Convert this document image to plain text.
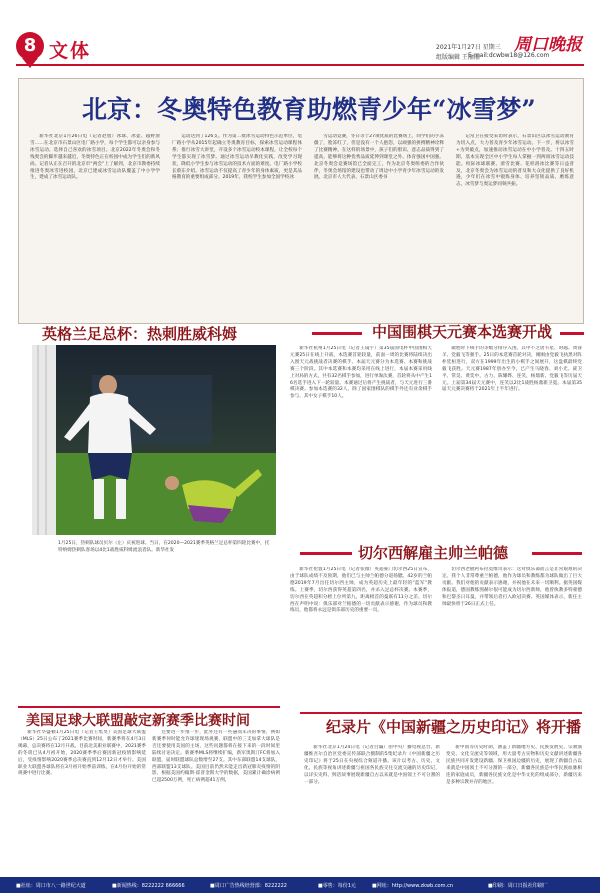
8 文体	2021年1月27日 星期三
组版编辑 王丽丽
E-mail:dcwbw18@126.com
周口晚报
北京：冬奥特色教育助燃青少年“冰雪梦”

新华社北京1月26日电（记者赵旭）冰球、冰壶、越野滑雪……在北京市石景山区电厂路小学，每个学生都可以亲身参与冰雪运动。选择自己喜欢的冰雪项目。北京2022年冬奥会和冬残奥会的脚步越来越近，冬奥特色正在校园中成为学生们的新风尚。记者从正在召开的北京市“两会”上了解到，北京市教委持续推进冬奥冰雪进校园，北京已建成冰雪运动队覆盖了中小学学生，建成了冰雪运动队。

运动达到了126支。作为第二批冰雪运动特色示范单位，电厂路小学从2015年起确立冬奥教育目标，探索冰雪运动课程体系；推行冰雪大讲堂，开设多个冰雪运动校本课程，让全校每个学生都实现了冰雪梦。通过冰雪运动早教化实践，改变学习现状，降低小学生参与冰雪运动的技术方面的难度。电厂路小学校长蔡东介绍。冰雪运动不仅提高了青少年的身体素质，更是其品格教育的重要组成部分。2019年，我校学生参加全国学校冰

雪运动竞赛，冬日等于27项优质的比赛场上，同学们的手冻僵了，脸冻红了，但是没有一个人抱怨，以顽强的拼搏精神诠释了比赛精神。在这样的场景中，孩子们的胆识、意志品质得到了提高，能够将这种优秀品质延伸到课堂之外。体育强国中国强。北京冬奥会竞赛场馆已全面完工，作为北京冬奥组委的合作伙伴，冬奥会场馆的建设也带动了周边中小学青少年冰雪运动的发展。北京市人大代表、石景山区委书

记常卫在接受采访时表示，石景山区以冰雪运动教育为切入点，大力普及青少年冰雪运动。下一步，将以冰雪+为突破点，加速推动冰雪运动在中小学普及。十四五时期，基本实现全区中小学生每人掌握一到两项冰雪运动技能。校际冰球联赛、滑雪比赛、花样滑冰比赛等日益普及，北京冬奥会为冰雪运动的普及和大众化提供了良好机遇，少年们在冰雪中锻炼身体、培养坚韧品质、磨炼意志，冰雪梦与奥运梦同频共振。

英格兰足总杯：热刺胜威科姆
1月25日，热刺队球员贝尔（左）庆祝进球。当日，在2020—2021赛季英格兰足总杯第四轮比赛中，托特纳姆热刺队客场以4比1战胜威科姆流浪者队。新华社发
中国围棋天元赛本选赛开战

新华社杭州1月25日电（记者王镜宇）第35届国电杯中国围棋天元赛25日在线上开战，本选赛首轮较量，前面一周的比赛将陆续决出入围天元战挑战者决赛的棋手。本届天元赛分为本选赛、本赛和挑战赛三个阶段。其中本选赛和本赛均采用在线上进行，本届本赛采用线上对局的方式，共有32名棋手参加，进行单淘汰赛，首轮将从中产生16名选手进入下一轮较量。本赛通过后将产生挑战者，与天元进行三番棋决赛。参加本选赛的32人，除了国家围棋队的棋手外还有业余棋手参与，其中女子棋手10人。

做胜时下棋手的等级分排序入围，其中不乏唐韦星、时越、周睿羊、党毅飞等强手。25日的本选赛首轮对决，刚刚由党毅飞执黑对阵朴廷桓进行，双方在1999年出生的小棋手之间展开，这盘棋最终党毅飞获胜。天元赛1987年创办至今，已产生马晓春、刘小光、聂卫平、常昊、黄奕中、古力、陈耀烨、连笑、杨鼎新、党毅飞等历届天元。上届第34届天元赛中，连笑以2比1战胜杨鼎新卫冕。本届第35届天元赛决赛将于2021年上半年进行。

切尔西解雇主帅兰帕德

新华社伦敦1月25日电（记者张薇）英超豪门切尔西25日宣布，由于球队成绩不及预期，他们已与主帅兰帕德分道扬镳。42岁的兰帕德2019年7月出任切尔西主帅，成为英超历史上最年轻的“蓝军”教练。上赛季，切尔西获得英超第四名，并杀入足总杯决赛。本赛季，切尔西在英超积分榜上位列第九，距离榜首的曼联有11分之差。切尔西在声明中说：俱乐部对兰帕德的一切贡献表示感谢，作为球员和教练员，他都将永远是俱乐部历史的重要一员。

切尔西老板阿布拉莫维奇表示：这对俱乐部而言是非常艰难的决定。我个人非常尊重兰帕德，他作为球员和教练都为球队做出了巨大贡献。我们对他的贡献表示感谢，并祝他在未来一切顺利。据英国媒体报道，德国教练图赫尔很可能成为切尔西新帅，他曾执教多特蒙德和巴黎圣日耳曼，并带领后者打入欧冠决赛。英国媒体表示，新任主帅最快将于26日正式上任。

美国足球大联盟敲定新赛季比赛时间

新华社华盛顿1月25日电（记者王集旻）美国足球大联盟（MLS）25日公布了2021赛季比赛时间，新赛季将在4月3日揭幕，总决赛将在12月开战。目前北美职业联赛中，2021赛季的冬训已从4月初开始，2020赛季季后赛因新冠疫情影响延后，受疫情影响2020赛季总决赛直到12月12日才举行。美国职业大联盟各球队将在3月初开始季前训练，在4月份开始的常规赛中进行比赛。

还要进一步推一步，此外还有一些悬而未决的事情，例如新赛季何时能允许球迷现场观赛，联盟中的三支加拿大球队是否还要使用美国的主场，这些问题都将在接下来的一段时间里陆续讨论决定。新赛季MLS将继续扩编，新军奥斯汀FC将加入联盟，届时联盟球队总数增至27支。其中东部联盟14支球队，西部联盟13支球队。美国目前仍然未能走出新冠肺炎疫情的阴影，根据美国约翰斯·霍普金斯大学的数据，美国累计确诊病例已超2500万例，死亡病例超41万例。

纪录片《中国新疆之历史印记》将开播

新华社北京1月24日电（记者白瀛）由中央广播电视总台、新疆维吾尔自治区党委宣传部联合摄制的5集纪录片《中国新疆之历史印记》将于25日在央视综合频道开播。该片以考古、历史、文化、民族等视角讲述新疆与祖国各民族交往交流交融的历史印记，以详实史料、鲜活故事展现新疆自古以来就是中国领土不可分割的一部分。

新中国等历史时期，涵盖了新疆地方史、民族发展史、宗教演变史、文化交流史等领域，用大量考古实物和历史文献讲述新疆各民族共同开发建设新疆、保卫祖国边疆的历史，展现了新疆自古以来就是中国领土不可分割的一部分，新疆各民族是中华民族血脉相连的家庭成员，新疆各民族文化是中华文化的组成部分，新疆历来是多种宗教并存的地区。

■社址：周口市八一路世纪大道	■新闻热线：8222222 666666	■周口广告热线经营部：8222222	■零售：每份1元	■网址：http://www.zkwb.com.cn	■印刷：周口日报社印刷厂
